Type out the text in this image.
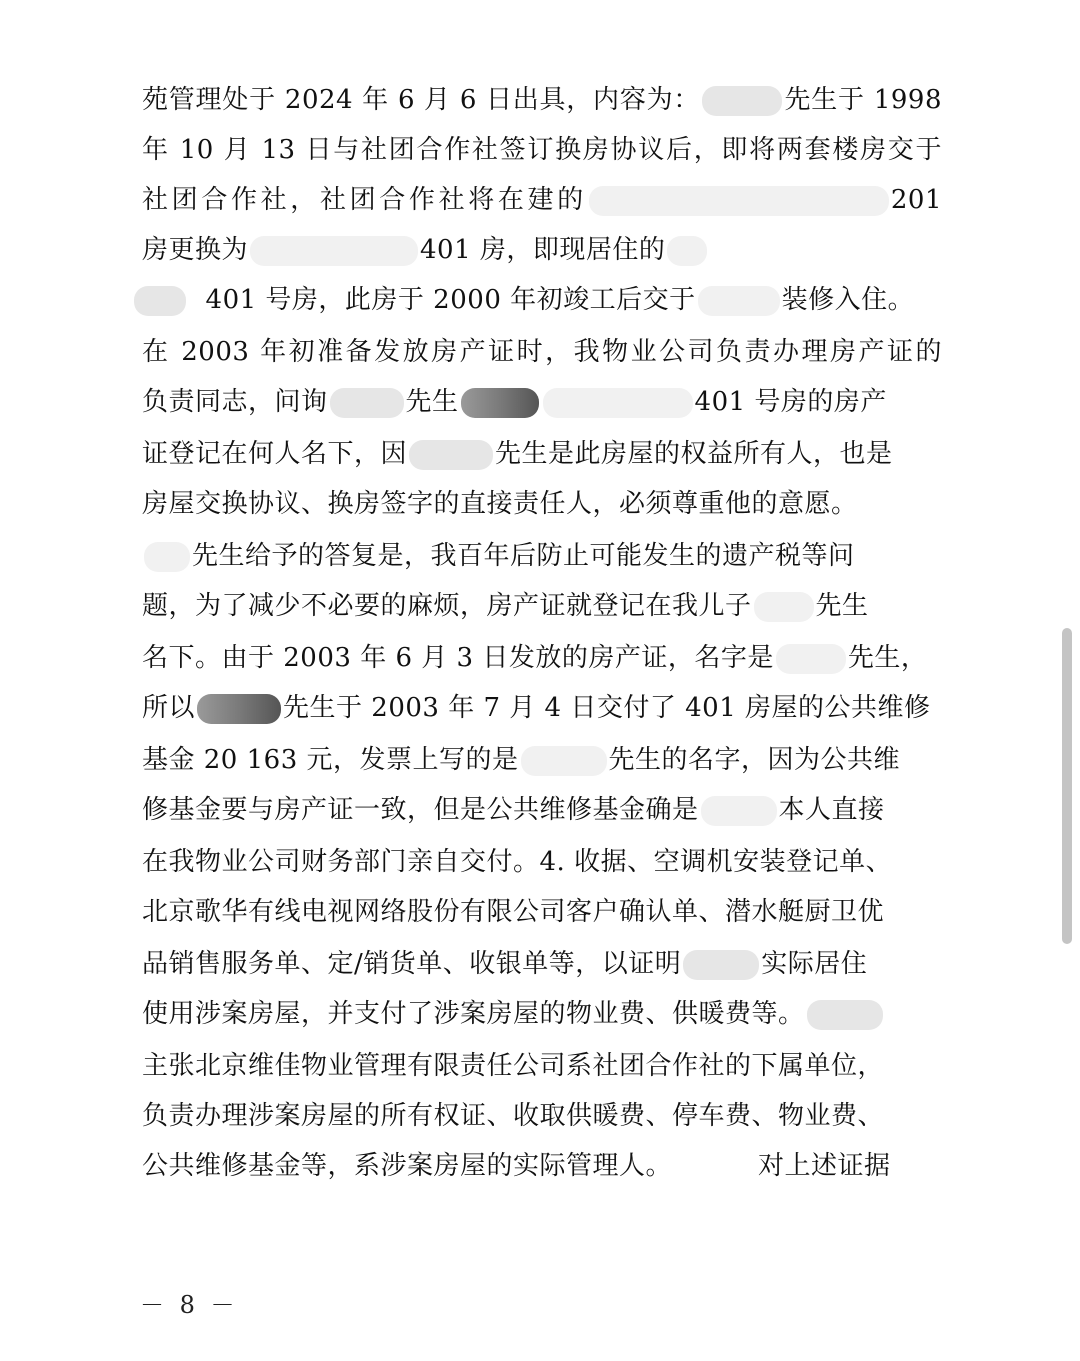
苑管理处于 2024 年 6 月 6 日出具，内容为：	先生于 1998
年 10 月 13 日与社团合作社签订换房协议后，即将两套楼房交于
社团合作社，社团合作社将在建的	201
房更换为	401 房，即现居住的
401 号房，此房于 2000 年初竣工后交于	装修入住。
在 2003 年初准备发放房产证时，我物业公司负责办理房产证的
负责同志，问询	先生	401 号房的房产
证登记在何人名下，因	先生是此房屋的权益所有人，也是
房屋交换协议、换房签字的直接责任人，必须尊重他的意愿。
先生给予的答复是，我百年后防止可能发生的遗产税等问
题，为了减少不必要的麻烦，房产证就登记在我儿子 先生
名下。由于 2003 年 6 月 3 日发放的房产证，名字是	先生，
所以	先生于 2003 年 7 月 4 日交付了 401 房屋的公共维修
基金 20 163 元，发票上写的是	先生的名字，因为公共维
修基金要与房产证一致，但是公共维修基金确是	本人直接
在我物业公司财务部门亲自交付。4. 收据、空调机安装登记单、
北京歌华有线电视网络股份有限公司客户确认单、潜水艇厨卫优
品销售服务单、定/销货单、收银单等，以证明	实际居住
使用涉案房屋，并支付了涉案房屋的物业费、供暖费等。
主张北京维佳物业管理有限责任公司系社团合作社的下属单位，
负责办理涉案房屋的所有权证、收取供暖费、停车费、物业费、
公共维修基金等，系涉案房屋的实际管理人。	对上述证据
－ 8 －
